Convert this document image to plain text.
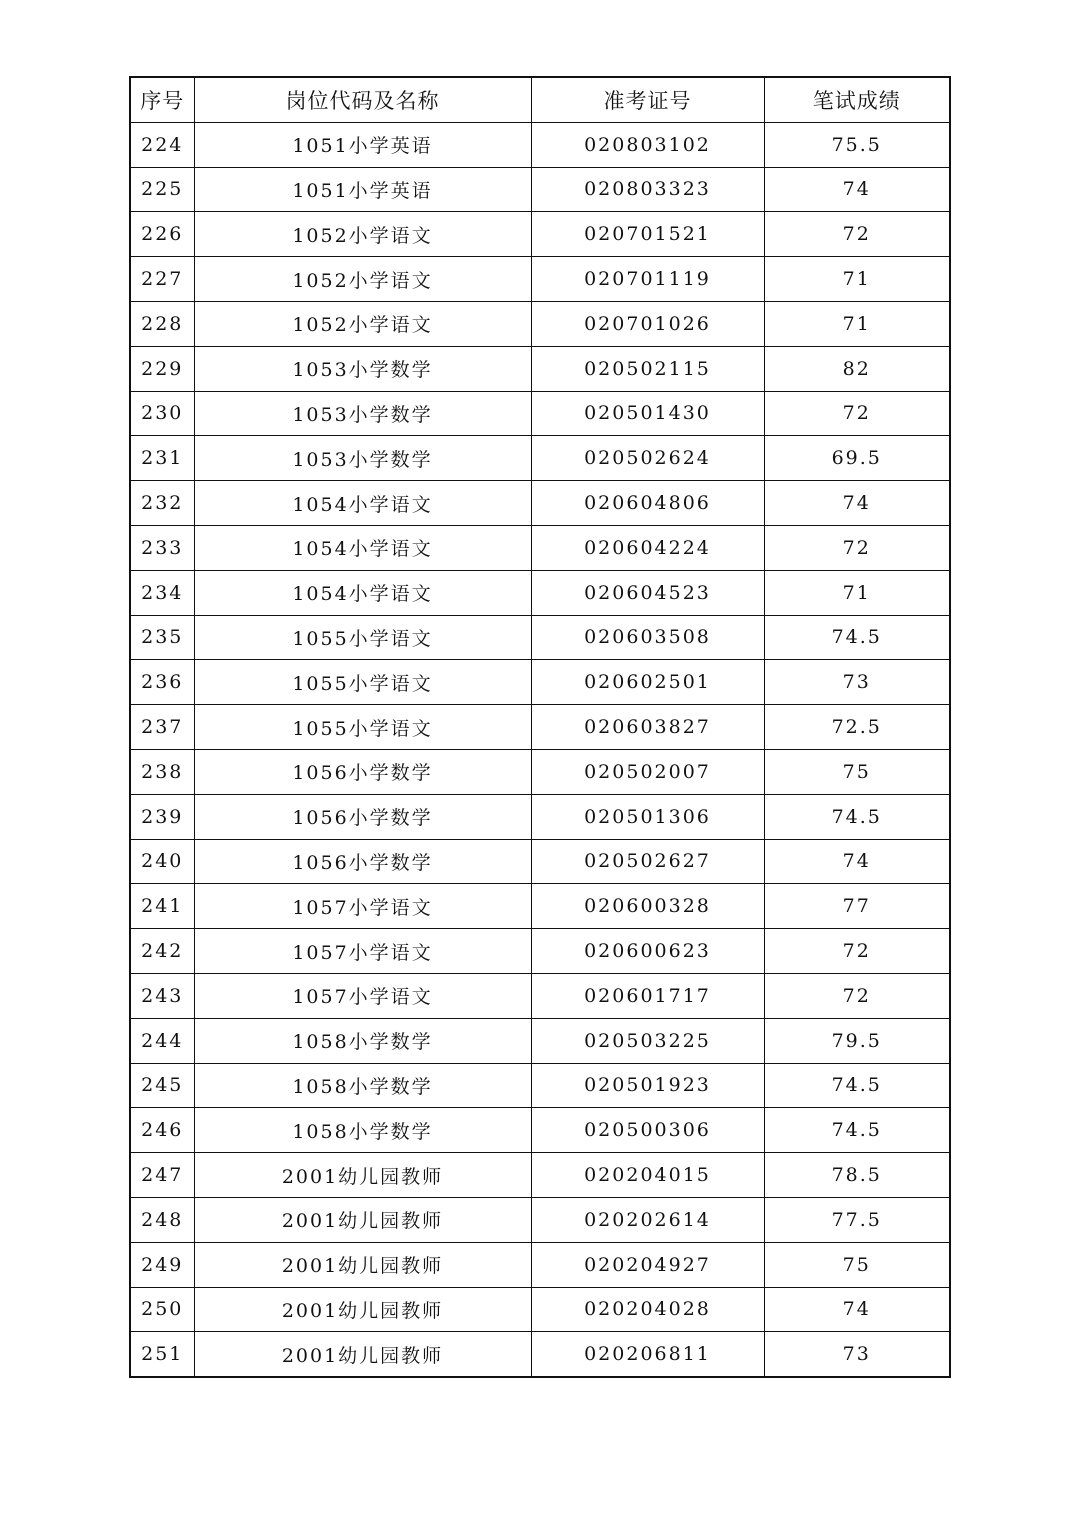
序号	岗位代码及名称	准考证号	笔试成绩
224	1051小学英语	020803102	75.5
225	1051小学英语	020803323	74
226	1052小学语文	020701521	72
227	1052小学语文	020701119	71
228	1052小学语文	020701026	71
229	1053小学数学	020502115	82
230	1053小学数学	020501430	72
231	1053小学数学	020502624	69.5
232	1054小学语文	020604806	74
233	1054小学语文	020604224	72
234	1054小学语文	020604523	71
235	1055小学语文	020603508	74.5
236	1055小学语文	020602501	73
237	1055小学语文	020603827	72.5
238	1056小学数学	020502007	75
239	1056小学数学	020501306	74.5
240	1056小学数学	020502627	74
241	1057小学语文	020600328	77
242	1057小学语文	020600623	72
243	1057小学语文	020601717	72
244	1058小学数学	020503225	79.5
245	1058小学数学	020501923	74.5
246	1058小学数学	020500306	74.5
247	2001幼儿园教师	020204015	78.5
248	2001幼儿园教师	020202614	77.5
249	2001幼儿园教师	020204927	75
250	2001幼儿园教师	020204028	74
251	2001幼儿园教师	020206811	73
